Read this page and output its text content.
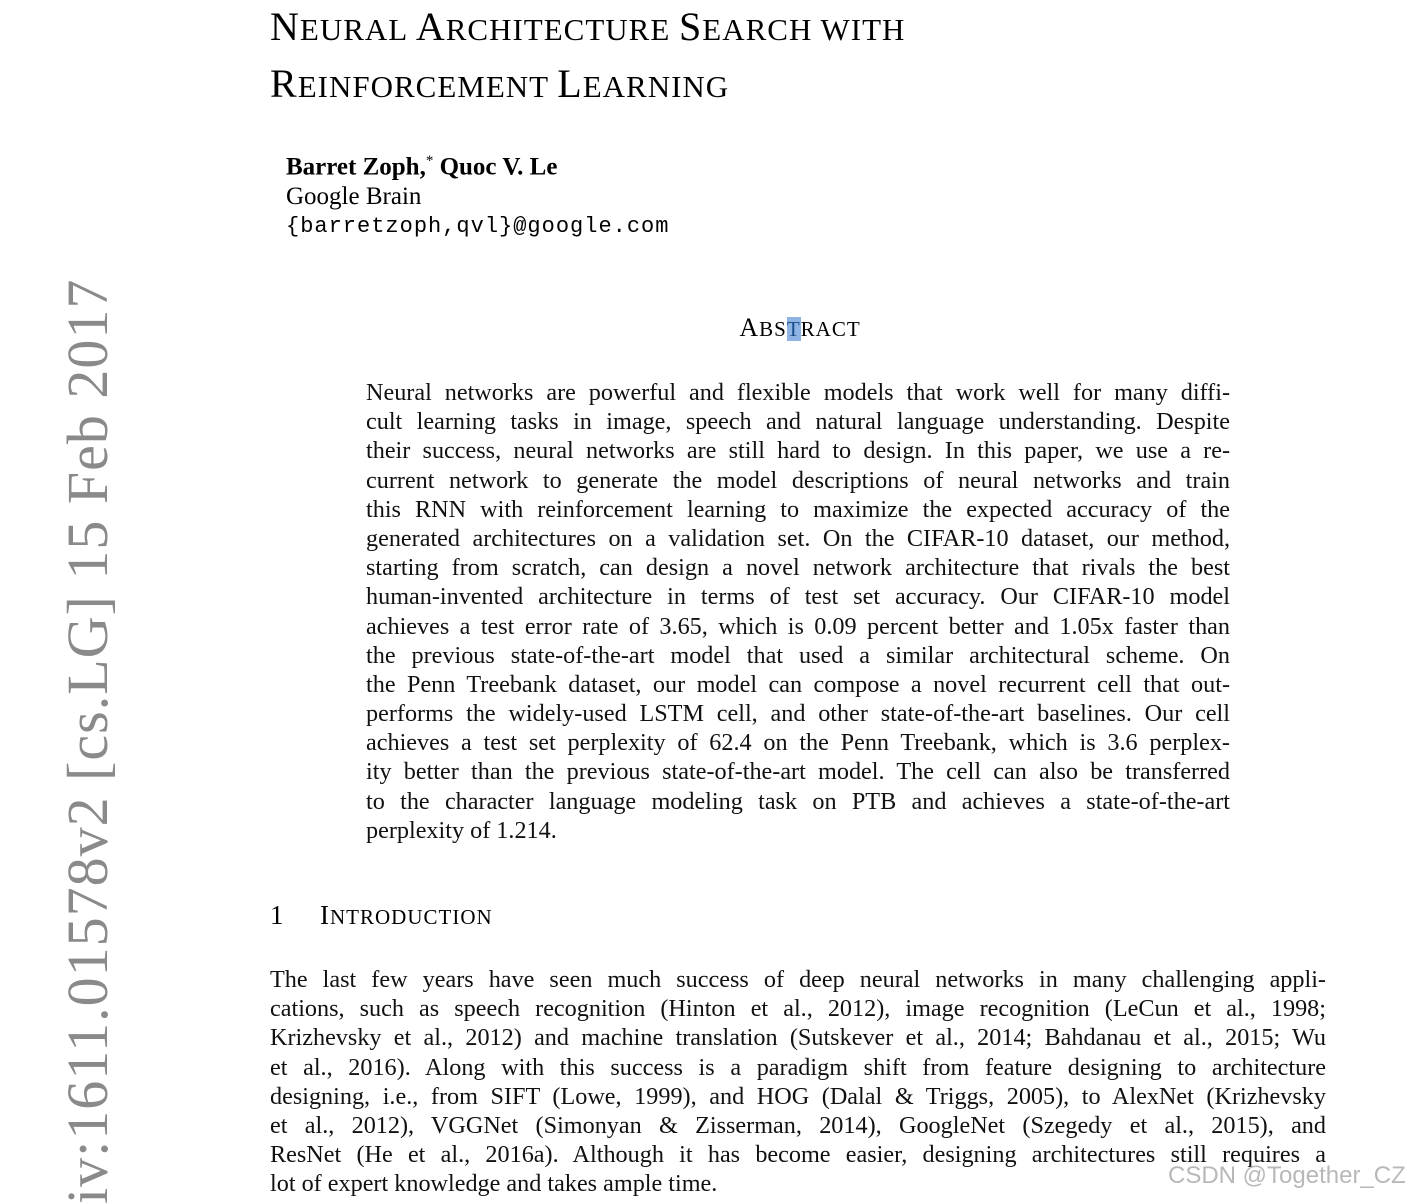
iv:1611.01578v2 [cs.LG] 15 Feb 2017
NEURAL ARCHITECTURE SEARCH WITH
REINFORCEMENT LEARNING
Barret Zoph,* Quoc V. Le
Google Brain
{barretzoph,qvl}@google.com
ABSTRACT
Neural networks are powerful and flexible models that work well for many diffi-
cult learning tasks in image, speech and natural language understanding. Despite
their success, neural networks are still hard to design. In this paper, we use a re-
current network to generate the model descriptions of neural networks and train
this RNN with reinforcement learning to maximize the expected accuracy of the
generated architectures on a validation set. On the CIFAR-10 dataset, our method,
starting from scratch, can design a novel network architecture that rivals the best
human-invented architecture in terms of test set accuracy. Our CIFAR-10 model
achieves a test error rate of 3.65, which is 0.09 percent better and 1.05x faster than
the previous state-of-the-art model that used a similar architectural scheme. On
the Penn Treebank dataset, our model can compose a novel recurrent cell that out-
performs the widely-used LSTM cell, and other state-of-the-art baselines. Our cell
achieves a test set perplexity of 62.4 on the Penn Treebank, which is 3.6 perplex-
ity better than the previous state-of-the-art model. The cell can also be transferred
to the character language modeling task on PTB and achieves a state-of-the-art
perplexity of 1.214.
1 INTRODUCTION
The last few years have seen much success of deep neural networks in many challenging appli-
cations, such as speech recognition (Hinton et al., 2012), image recognition (LeCun et al., 1998;
Krizhevsky et al., 2012) and machine translation (Sutskever et al., 2014; Bahdanau et al., 2015; Wu
et al., 2016). Along with this success is a paradigm shift from feature designing to architecture
designing, i.e., from SIFT (Lowe, 1999), and HOG (Dalal & Triggs, 2005), to AlexNet (Krizhevsky
et al., 2012), VGGNet (Simonyan & Zisserman, 2014), GoogleNet (Szegedy et al., 2015), and
ResNet (He et al., 2016a). Although it has become easier, designing architectures still requires a
lot of expert knowledge and takes ample time.	CSDN @Together_CZ
